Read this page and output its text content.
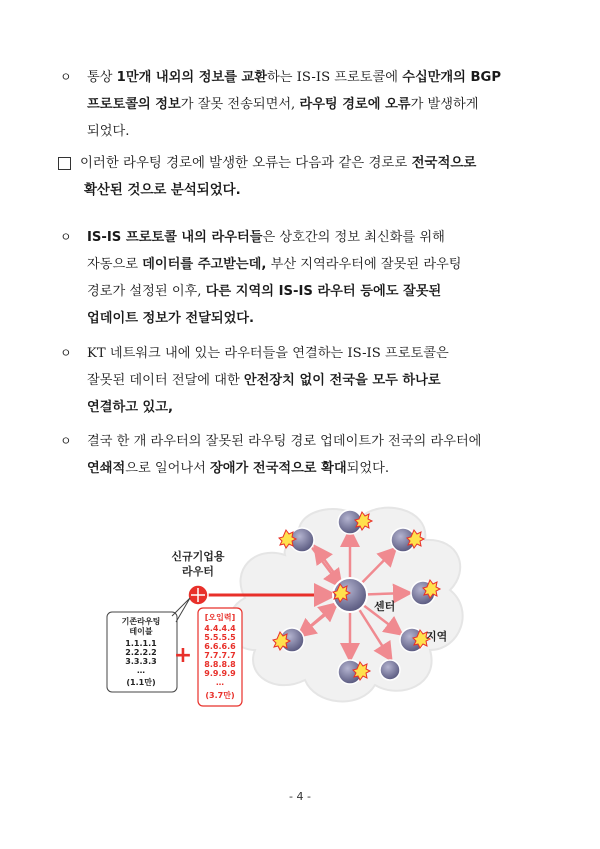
ㅇ	통상 1만개 내외의 정보를 교환하는 IS-IS 프로토콜에 수십만개의 BGP
프로토콜의 정보가 잘못 전송되면서, 라우팅 경로에 오류가 발생하게
되었다.
이러한 라우팅 경로에 발생한 오류는 다음과 같은 경로로 전국적으로
확산된 것으로 분석되었다.
ㅇ	IS-IS 프로토콜 내의 라우터들은 상호간의 정보 최신화를 위해
자동으로 데이터를 주고받는데, 부산 지역라우터에 잘못된 라우팅
경로가 설정된 이후, 다른 지역의 IS-IS 라우터 등에도 잘못된
업데이트 정보가 전달되었다.
ㅇ	KT 네트워크 내에 있는 라우터들을 연결하는 IS-IS 프로토콜은
잘못된 데이터 전달에 대한 안전장치 없이 전국을 모두 하나로
연결하고 있고,
ㅇ	결국 한 개 라우터의 잘못된 라우팅 경로 업데이트가 전국의 라우터에
연쇄적으로 일어나서 장애가 전국적으로 확대되었다.
센터
지역
신규기업용
라우터
기존라우팅
테이블
1.1.1.1
2.2.2.2
3.3.3.3
…
(1.1만)
+
[오입력]
4.4.4.4
5.5.5.5
6.6.6.6
7.7.7.7
8.8.8.8
9.9.9.9
…
(3.7만)
- 4 -
